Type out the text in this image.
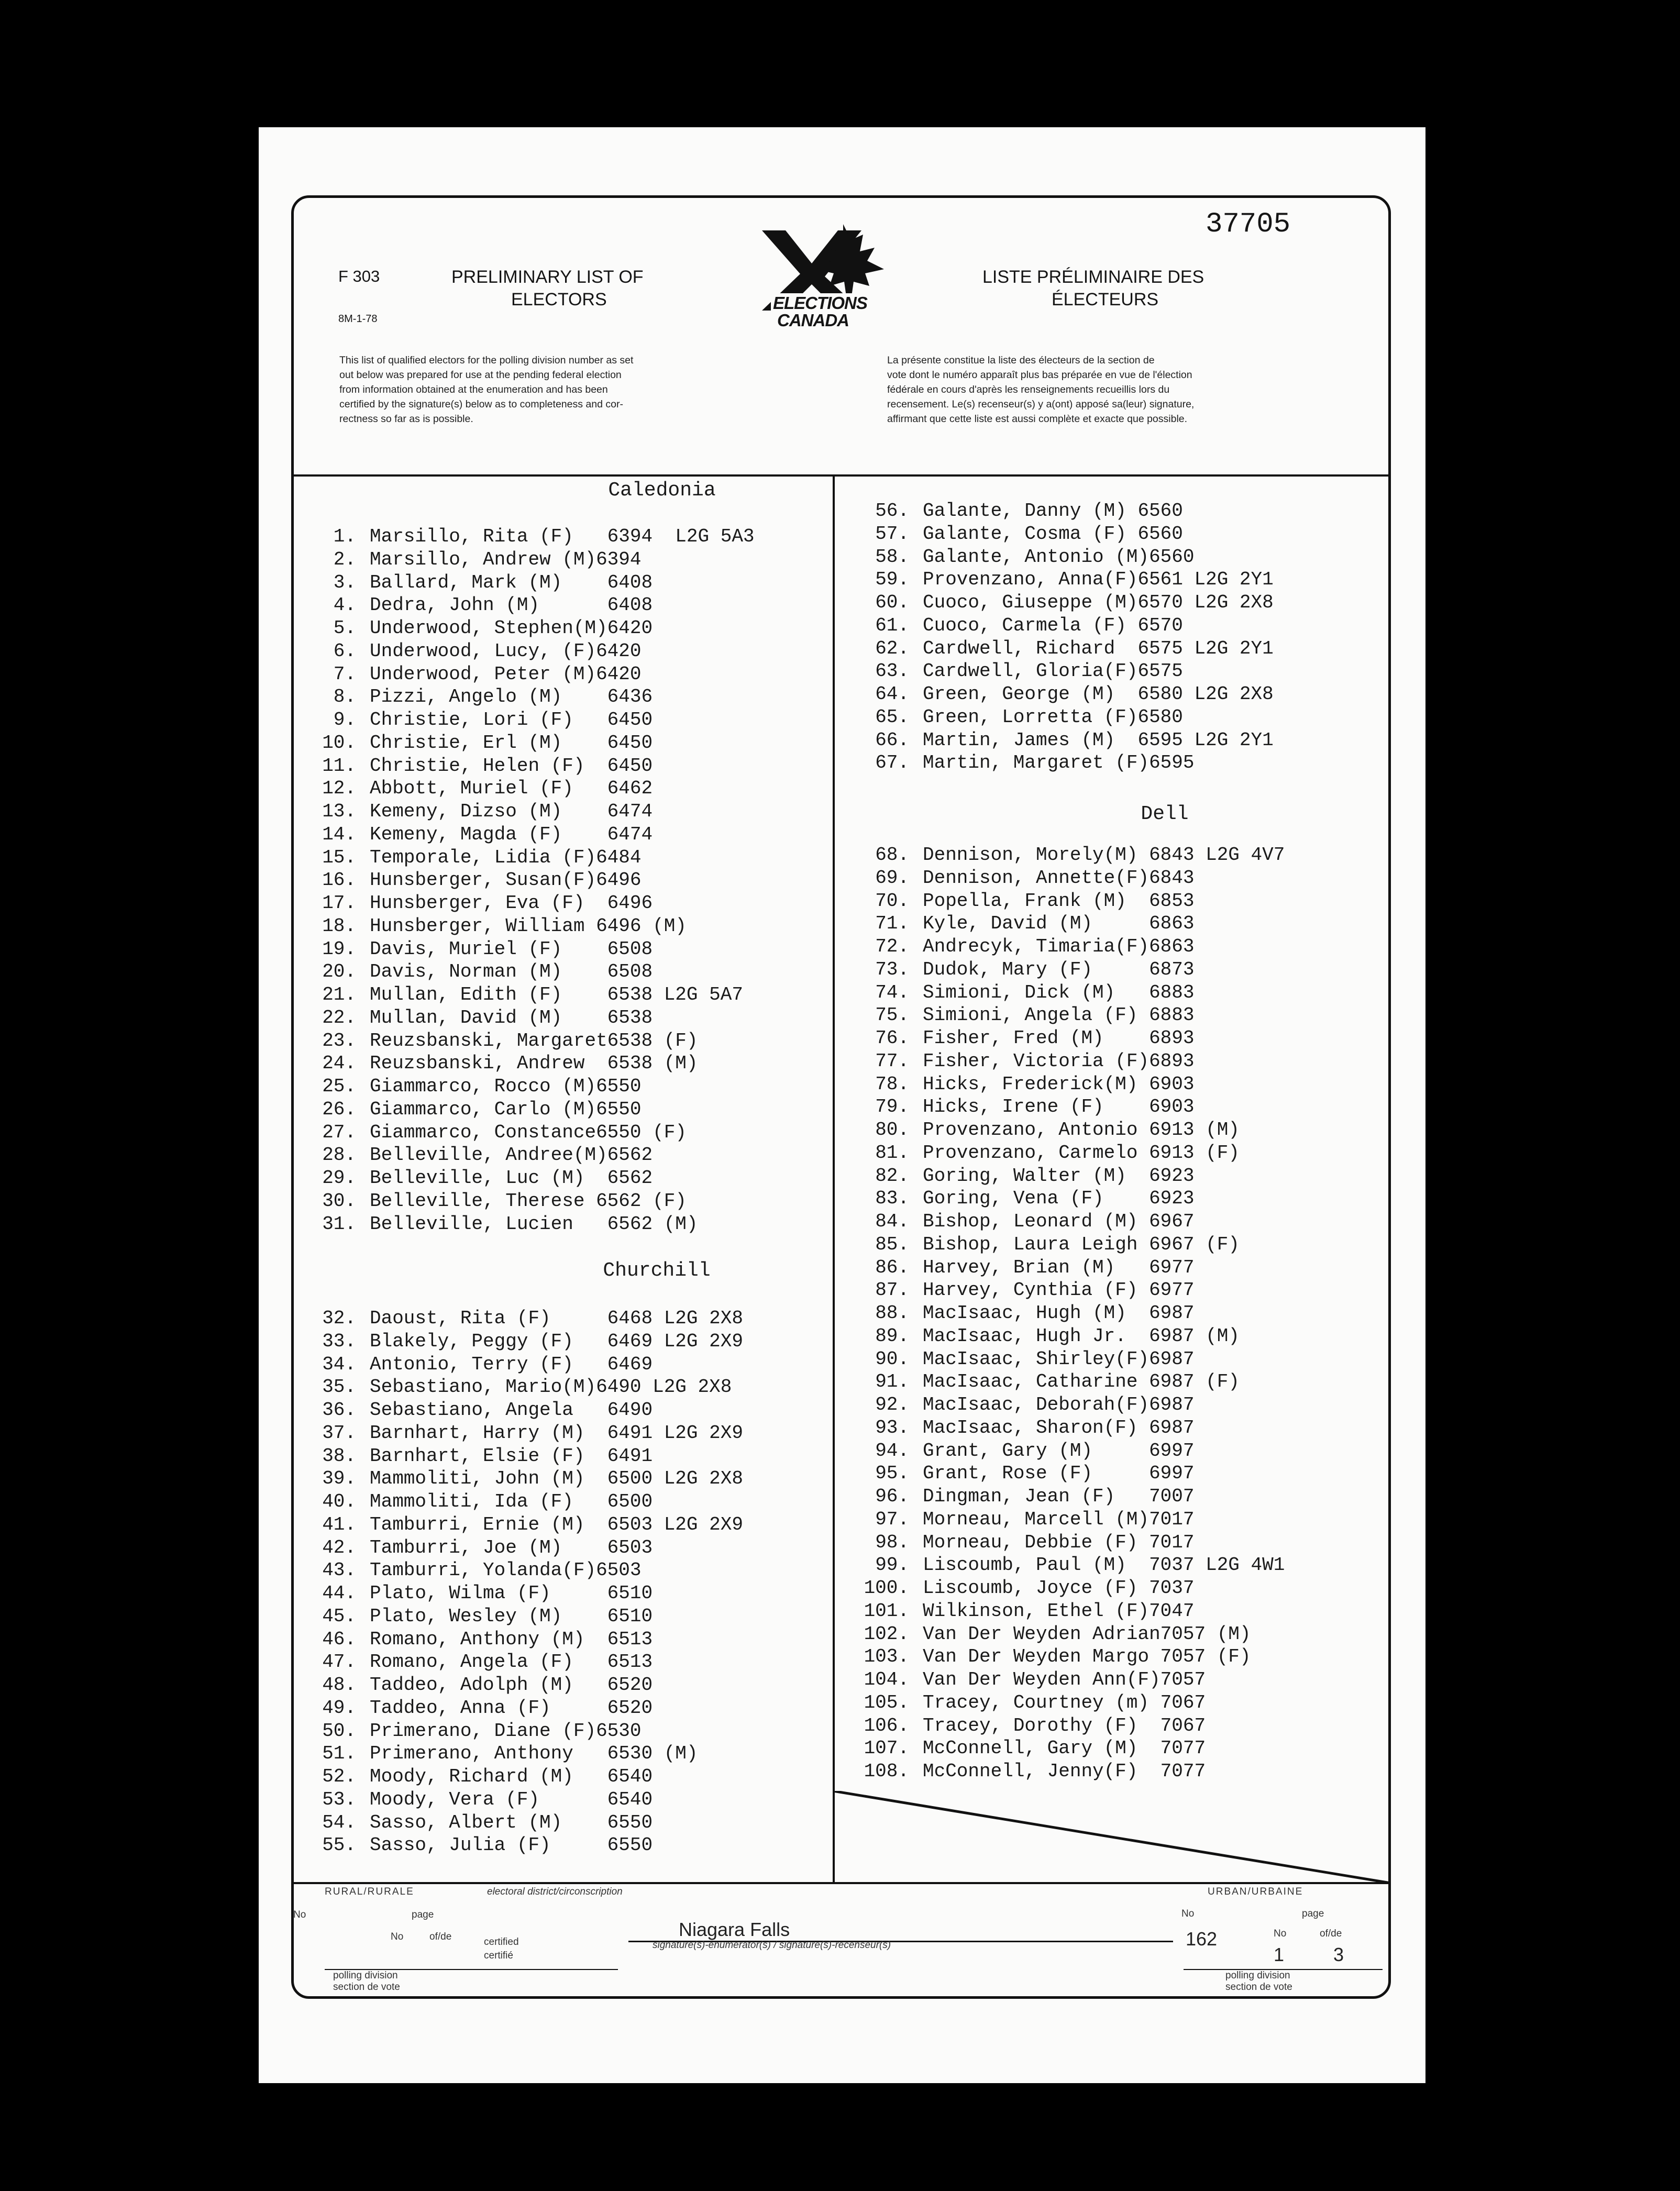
37705
F 303
8M-1-78
PRELIMINARY LIST OF
ELECTORS	ELECTIONS
CANADA
LISTE PRÉLIMINAIRE DES
ÉLECTEURS
This list of qualified electors for the polling division number as set
out below was prepared for use at the pending federal election
from information obtained at the enumeration and has been
certified by the signature(s) below as to completeness and cor-
rectness so far as is possible.
La présente constitue la liste des électeurs de la section de
vote dont le numéro apparaît plus bas préparée en vue de l'élection
fédérale en cours d'après les renseignements recueillis lors du
recensement. Le(s) recenseur(s) y a(ont) apposé sa(leur) signature,
affirmant que cette liste est aussi complète et exacte que possible.
Caledonia
Churchill
Dell
1. Marsillo, Rita (F)   6394  L2G 5A3
2. Marsillo, Andrew (M)6394
3. Ballard, Mark (M)    6408
4. Dedra, John (M)      6408
5. Underwood, Stephen(M)6420
6. Underwood, Lucy, (F)6420
7. Underwood, Peter (M)6420
8. Pizzi, Angelo (M)    6436
9. Christie, Lori (F)   6450
10. Christie, Erl (M)    6450
11. Christie, Helen (F)  6450
12. Abbott, Muriel (F)   6462
13. Kemeny, Dizso (M)    6474
14. Kemeny, Magda (F)    6474
15. Temporale, Lidia (F)6484
16. Hunsberger, Susan(F)6496
17. Hunsberger, Eva (F)  6496
18. Hunsberger, William 6496 (M)
19. Davis, Muriel (F)    6508
20. Davis, Norman (M)    6508
21. Mullan, Edith (F)    6538 L2G 5A7
22. Mullan, David (M)    6538
23. Reuzsbanski, Margaret6538 (F)
24. Reuzsbanski, Andrew  6538 (M)
25. Giammarco, Rocco (M)6550
26. Giammarco, Carlo (M)6550
27. Giammarco, Constance6550 (F)
28. Belleville, Andree(M)6562
29. Belleville, Luc (M)  6562
30. Belleville, Therese 6562 (F)
31. Belleville, Lucien   6562 (M)
32. Daoust, Rita (F)     6468 L2G 2X8
33. Blakely, Peggy (F)   6469 L2G 2X9
34. Antonio, Terry (F)   6469
35. Sebastiano, Mario(M)6490 L2G 2X8
36. Sebastiano, Angela   6490
37. Barnhart, Harry (M)  6491 L2G 2X9
38. Barnhart, Elsie (F)  6491
39. Mammoliti, John (M)  6500 L2G 2X8
40. Mammoliti, Ida (F)   6500
41. Tamburri, Ernie (M)  6503 L2G 2X9
42. Tamburri, Joe (M)    6503
43. Tamburri, Yolanda(F)6503
44. Plato, Wilma (F)     6510
45. Plato, Wesley (M)    6510
46. Romano, Anthony (M)  6513
47. Romano, Angela (F)   6513
48. Taddeo, Adolph (M)   6520
49. Taddeo, Anna (F)     6520
50. Primerano, Diane (F)6530
51. Primerano, Anthony   6530 (M)
52. Moody, Richard (M)   6540
53. Moody, Vera (F)      6540
54. Sasso, Albert (M)    6550
55. Sasso, Julia (F)     6550
56. Galante, Danny (M) 6560
57. Galante, Cosma (F) 6560
58. Galante, Antonio (M)6560
59. Provenzano, Anna(F)6561 L2G 2Y1
60. Cuoco, Giuseppe (M)6570 L2G 2X8
61. Cuoco, Carmela (F) 6570
62. Cardwell, Richard  6575 L2G 2Y1
63. Cardwell, Gloria(F)6575
64. Green, George (M)  6580 L2G 2X8
65. Green, Lorretta (F)6580
66. Martin, James (M)  6595 L2G 2Y1
67. Martin, Margaret (F)6595
68. Dennison, Morely(M) 6843 L2G 4V7
69. Dennison, Annette(F)6843
70. Popella, Frank (M)  6853
71. Kyle, David (M)     6863
72. Andrecyk, Timaria(F)6863
73. Dudok, Mary (F)     6873
74. Simioni, Dick (M)   6883
75. Simioni, Angela (F) 6883
76. Fisher, Fred (M)    6893
77. Fisher, Victoria (F)6893
78. Hicks, Frederick(M) 6903
79. Hicks, Irene (F)    6903
80. Provenzano, Antonio 6913 (M)
81. Provenzano, Carmelo 6913 (F)
82. Goring, Walter (M)  6923
83. Goring, Vena (F)    6923
84. Bishop, Leonard (M) 6967
85. Bishop, Laura Leigh 6967 (F)
86. Harvey, Brian (M)   6977
87. Harvey, Cynthia (F) 6977
88. MacIsaac, Hugh (M)  6987
89. MacIsaac, Hugh Jr.  6987 (M)
90. MacIsaac, Shirley(F)6987
91. MacIsaac, Catharine 6987 (F)
92. MacIsaac, Deborah(F)6987
93. MacIsaac, Sharon(F) 6987
94. Grant, Gary (M)     6997
95. Grant, Rose (F)     6997
96. Dingman, Jean (F)   7007
97. Morneau, Marcell (M)7017
98. Morneau, Debbie (F) 7017
99. Liscoumb, Paul (M)  7037 L2G 4W1
100. Liscoumb, Joyce (F) 7037
101. Wilkinson, Ethel (F)7047
102. Van Der Weyden Adrian7057 (M)
103. Van Der Weyden Margo 7057 (F)
104. Van Der Weyden Ann(F)7057
105. Tracey, Courtney (m) 7067
106. Tracey, Dorothy (F)  7067
107. McConnell, Gary (M)  7077
108. McConnell, Jenny(F)  7077
RURAL/RURALE	electoral district/circonscription	URBAN/URBAINE
No	page
No	of/de	certified
certifié
Niagara Falls
signature(s)-enumerator(s) / signature(s)-recenseur(s)
No	page
162	No	of/de
1	3
polling division
section de vote
polling division
section de vote
